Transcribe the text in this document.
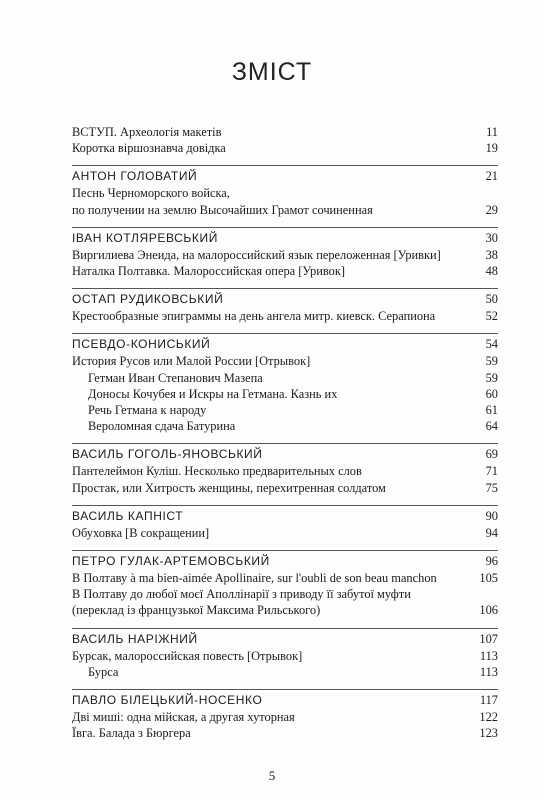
ЗМІСТ
ВСТУП. Археологія макетів	11
Коротка віршознавча довідка	19
АНТОН ГОЛОВАТИЙ	21
Песнь Черноморского войска,
по получении на землю Высочайших Грамот сочиненная	29
ІВАН КОТЛЯРЕВСЬКИЙ	30
Виргилиева Энеида, на малороссийский язык переложенная [Уривки]	38
Наталка Полтавка. Малороссийская опера [Уривок]	48
ОСТАП РУДИКОВСЬКИЙ	50
Крестообразные эпиграммы на день ангела митр. киевск. Серапиона	52
ПСЕВДО-КОНИСЬКИЙ	54
История Русов или Малой России [Отрывок]	59
Гетман Иван Степанович Мазепа	59
Доносы Кочубея и Искры на Гетмана. Казнь их	60
Речь Гетмана к народу	61
Вероломная сдача Батурина	64
ВАСИЛЬ ГОГОЛЬ-ЯНОВСЬКИЙ	69
Пантелеймон Куліш. Несколько предварительных слов	71
Простак, или Хитрость женщины, перехитренная солдатом	75
ВАСИЛЬ КАПНІСТ	90
Обуховка [В сокращении]	94
ПЕТРО ГУЛАК-АРТЕМОВСЬКИЙ	96
В Полтаву à ma bien-aimée Apollinaire, sur l'oubli de son beau manchon	105
В Полтаву до любої моєї Аполлінарії з приводу її забутої муфти
(переклад із французької Максима Рильського)	106
ВАСИЛЬ НАРІЖНИЙ	107
Бурсак, малороссийская повесть [Отрывок]	113
Бурса	113
ПАВЛО БІЛЕЦЬКИЙ-НОСЕНКО	117
Дві миші: одна мійская, а другая хуторная	122
Ївга. Балада з Бюргера	123
5
